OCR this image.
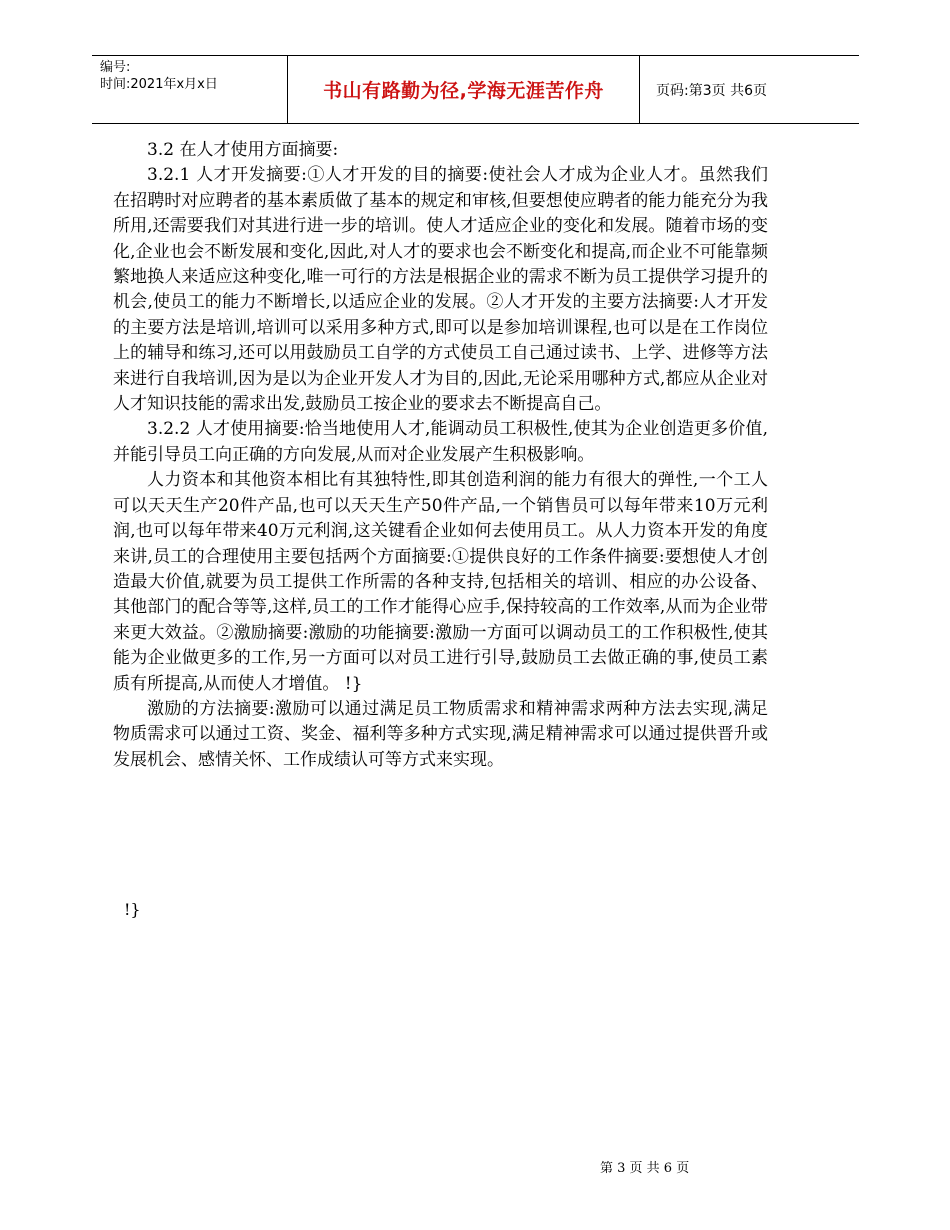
编号:
时间:2021年x月x日	书山有路勤为径,学海无涯苦作舟	页码:第3页 共6页

3.2 在人才使用方面摘要:

3.2.1 人才开发摘要:①人才开发的目的摘要:使社会人才成为企业人才。虽然我们在招聘时对应聘者的基本素质做了基本的规定和审核,但要想使应聘者的能力能充分为我所用,还需要我们对其进行进一步的培训。使人才适应企业的变化和发展。随着市场的变化,企业也会不断发展和变化,因此,对人才的要求也会不断变化和提高,而企业不可能靠频繁地换人来适应这种变化,唯一可行的方法是根据企业的需求不断为员工提供学习提升的机会,使员工的能力不断增长,以适应企业的发展。②人才开发的主要方法摘要:人才开发的主要方法是培训,培训可以采用多种方式,即可以是参加培训课程,也可以是在工作岗位上的辅导和练习,还可以用鼓励员工自学的方式使员工自己通过读书、上学、进修等方法来进行自我培训,因为是以为企业开发人才为目的,因此,无论采用哪种方式,都应从企业对人才知识技能的需求出发,鼓励员工按企业的要求去不断提高自己。

3.2.2 人才使用摘要:恰当地使用人才,能调动员工积极性,使其为企业创造更多价值,并能引导员工向正确的方向发展,从而对企业发展产生积极影响。

人力资本和其他资本相比有其独特性,即其创造利润的能力有很大的弹性,一个工人可以天天生产20件产品,也可以天天生产50件产品,一个销售员可以每年带来10万元利润,也可以每年带来40万元利润,这关键看企业如何去使用员工。从人力资本开发的角度来讲,员工的合理使用主要包括两个方面摘要:①提供良好的工作条件摘要:要想使人才创造最大价值,就要为员工提供工作所需的各种支持,包括相关的培训、相应的办公设备、其他部门的配合等等,这样,员工的工作才能得心应手,保持较高的工作效率,从而为企业带来更大效益。②激励摘要:激励的功能摘要:激励一方面可以调动员工的工作积极性,使其能为企业做更多的工作,另一方面可以对员工进行引导,鼓励员工去做正确的事,使员工素质有所提高,从而使人才增值。 !}

激励的方法摘要:激励可以通过满足员工物质需求和精神需求两种方法去实现,满足物质需求可以通过工资、奖金、福利等多种方式实现,满足精神需求可以通过提供晋升或发展机会、感情关怀、工作成绩认可等方式来实现。

!}
第 3 页 共 6 页
